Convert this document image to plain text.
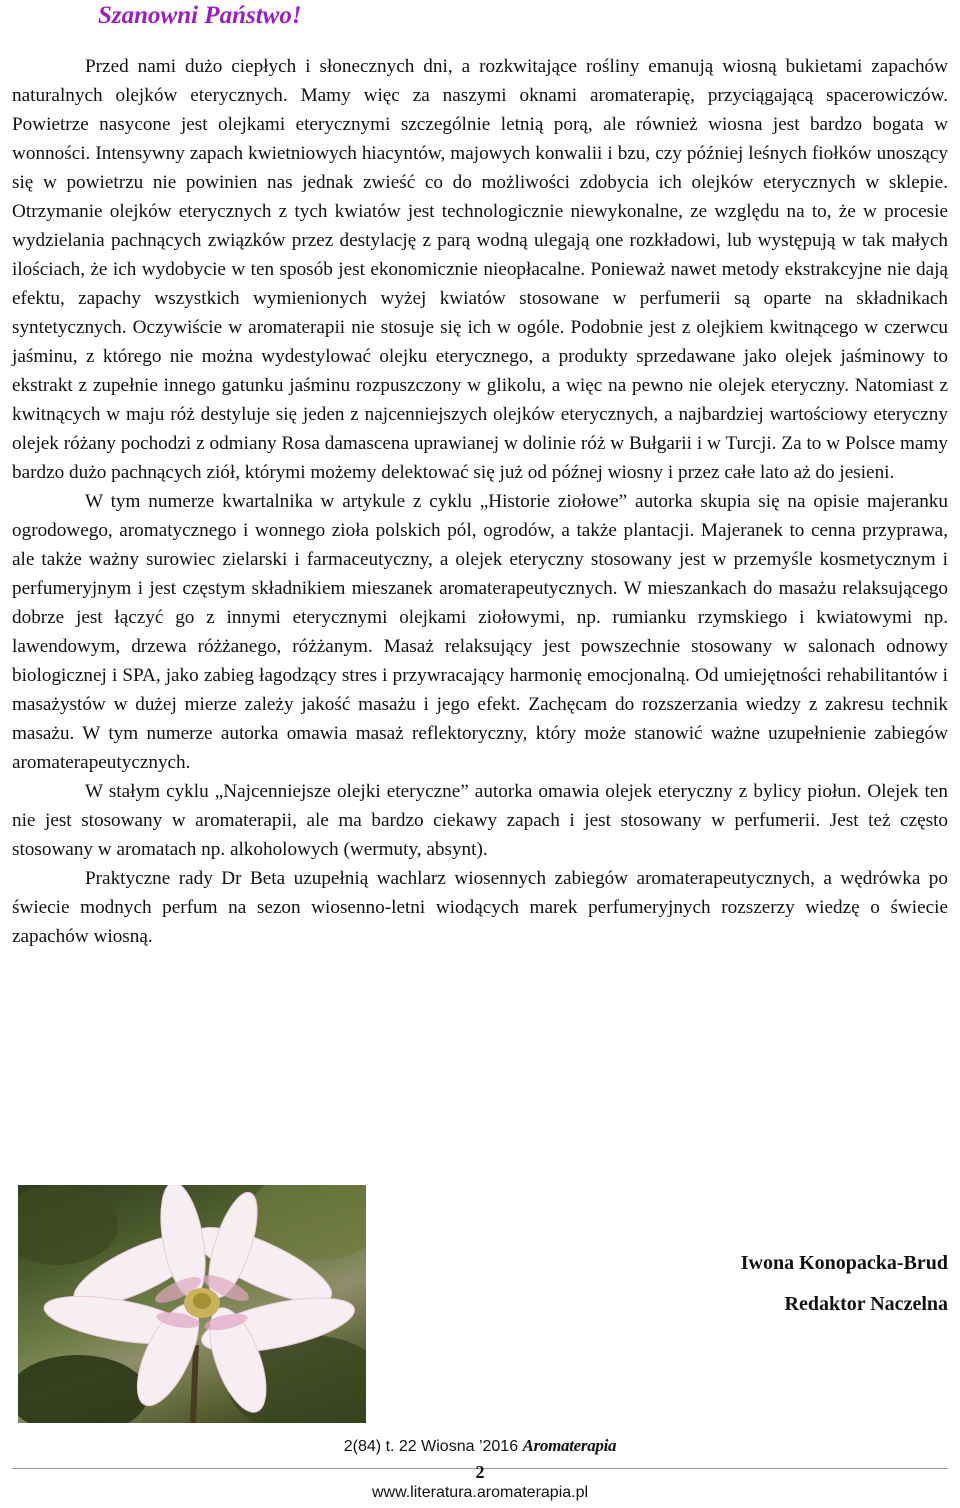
Szanowni Państwo!

Przed nami dużo ciepłych i słonecznych dni, a rozkwitające rośliny emanują wiosną bukietami zapachów naturalnych olejków eterycznych. Mamy więc za naszymi oknami aromaterapię, przyciągającą spacerowiczów. Powietrze nasycone jest olejkami eterycznymi szczególnie letnią porą, ale również wiosna jest bardzo bogata w wonności. Intensywny zapach kwietniowych hiacyntów, majowych konwalii i bzu, czy później leśnych fiołków unoszący się w powietrzu nie powinien nas jednak zwieść co do możliwości zdobycia ich olejków eterycznych w sklepie. Otrzymanie olejków eterycznych z tych kwiatów jest technologicznie niewykonalne, ze względu na to, że w procesie wydzielania pachnących związków przez destylację z parą wodną ulegają one rozkładowi, lub występują w tak małych ilościach, że ich wydobycie w ten sposób jest ekonomicznie nieopłacalne. Ponieważ nawet metody ekstrakcyjne nie dają efektu, zapachy wszystkich wymienionych wyżej kwiatów stosowane w perfumerii są oparte na składnikach syntetycznych. Oczywiście w aromaterapii nie stosuje się ich w ogóle. Podobnie jest z olejkiem kwitnącego w czerwcu jaśminu, z którego nie można wydestylować olejku eterycznego, a produkty sprzedawane jako olejek jaśminowy to ekstrakt z zupełnie innego gatunku jaśminu rozpuszczony w glikolu, a więc na pewno nie olejek eteryczny. Natomiast z kwitnących w maju róż destyluje się jeden z najcenniejszych olejków eterycznych, a najbardziej wartościowy eteryczny olejek różany pochodzi z odmiany Rosa damascena uprawianej w dolinie róż w Bułgarii i w Turcji. Za to w Polsce mamy bardzo dużo pachnących ziół, którymi możemy delektować się już od późnej wiosny i przez całe lato aż do jesieni.

W tym numerze kwartalnika w artykule z cyklu „Historie ziołowe” autorka skupia się na opisie majeranku ogrodowego, aromatycznego i wonnego zioła polskich pól, ogrodów, a także plantacji. Majeranek to cenna przyprawa, ale także ważny surowiec zielarski i farmaceutyczny, a olejek eteryczny stosowany jest w przemyśle kosmetycznym i perfumeryjnym i jest częstym składnikiem mieszanek aromaterapeutycznych. W mieszankach do masażu relaksującego dobrze jest łączyć go z innymi eterycznymi olejkami ziołowymi, np. rumianku rzymskiego i kwiatowymi np. lawendowym, drzewa różżanego, różżanym. Masaż relaksujący jest powszechnie stosowany w salonach odnowy biologicznej i SPA, jako zabieg łagodzący stres i przywracający harmonię emocjonalną. Od umiejętności rehabilitantów i masażystów w dużej mierze zależy jakość masażu i jego efekt. Zachęcam do rozszerzania wiedzy z zakresu technik masażu. W tym numerze autorka omawia masaż reflektoryczny, który może stanowić ważne uzupełnienie zabiegów aromaterapeutycznych.

W stałym cyklu „Najcenniejsze olejki eteryczne” autorka omawia olejek eteryczny z bylicy piołun. Olejek ten nie jest stosowany w aromaterapii, ale ma bardzo ciekawy zapach i jest stosowany w perfumerii. Jest też często stosowany w aromatach np. alkoholowych (wermuty, absynt).

Praktyczne rady Dr Beta uzupełnią wachlarz wiosennych zabiegów aromaterapeutycznych, a wędrówka po świecie modnych perfum na sezon wiosenno-letni wiodących marek perfumeryjnych rozszerzy wiedzę o świecie zapachów wiosną.

Iwona Konopacka-Brud
Redaktor Naczelna
2(84) t. 22 Wiosna ’2016 Aromaterapia
2
www.literatura.aromaterapia.pl
